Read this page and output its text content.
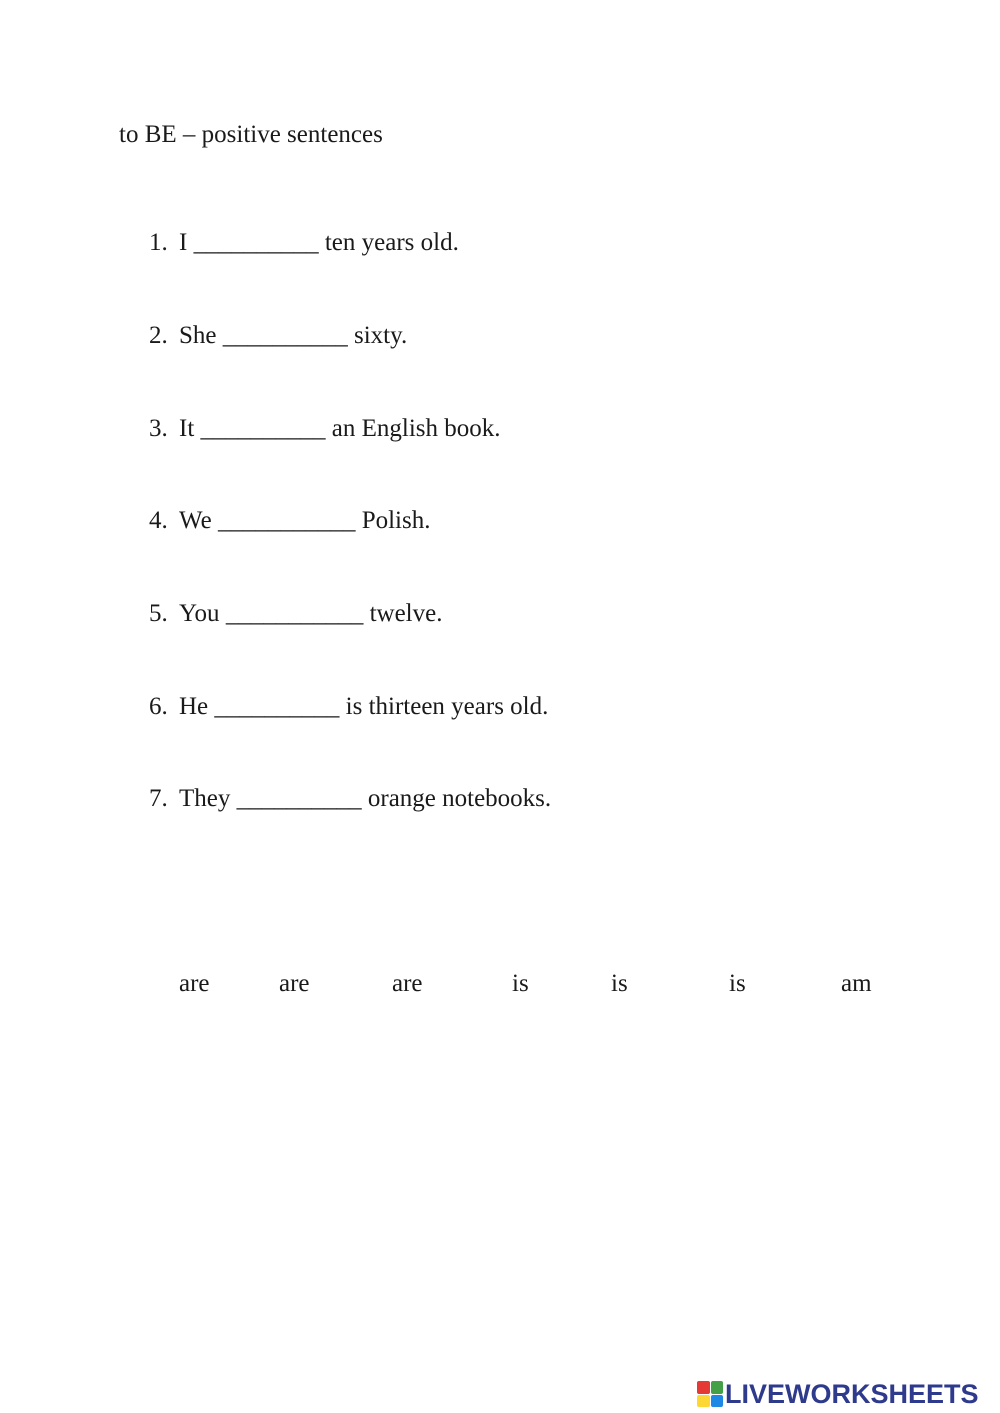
to BE – positive sentences
1. I __________ ten years old.
2. She __________ sixty.
3. It __________ an English book.
4. We ___________ Polish.
5. You ___________ twelve.
6. He __________ is thirteen years old.
7. They __________ orange notebooks.
are	are	are	is	is	is	am
LIVEWORKSHEETS
